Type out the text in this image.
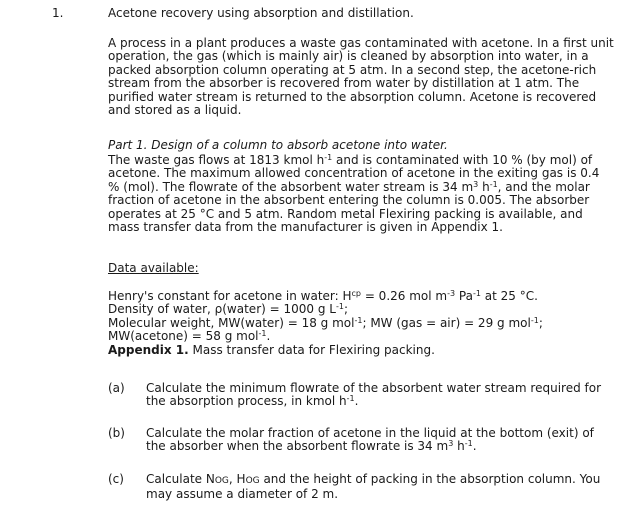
1.	Acetone recovery using absorption and distillation.

A process in a plant produces a waste gas contaminated with acetone. In a first unit operation, the gas (which is mainly air) is cleaned by absorption into water, in a packed absorption column operating at 5 atm. In a second step, the acetone-rich stream from the absorber is recovered from water by distillation at 1 atm. The purified water stream is returned to the absorption column. Acetone is recovered and stored as a liquid.

Part 1. Design of a column to absorb acetone into water.

The waste gas flows at 1813 kmol $h^{-1}$ and is contaminated with 10 % (by mol) of acetone. The maximum allowed concentration of acetone in the exiting gas is 0.4 % (mol). The flowrate of the absorbent water stream is 34 $m^3$ $h^{-1}$, and the molar fraction of acetone in the absorbent entering the column is 0.005. The absorber operates at 25 °C and 5 atm. Random metal Flexiring packing is available, and mass transfer data from the manufacturer is given in Appendix 1.

Data available:

Henry's constant for acetone in water: $H^{cp} = 0.26$ mol $m^{-3}$ $Pa^{-1}$ at 25 °C.
Density of water, ρ(water) = 1000 g $L^{-1}$;
Molecular weight, MW(water) = 18 g mol$^{-1}$; MW (gas = air) = 29 g mol$^{-1}$;
MW(acetone) = 58 g mol$^{-1}$.
Appendix 1. Mass transfer data for Flexiring packing.
(a) Calculate the minimum flowrate of the absorbent water stream required for the absorption process, in kmol $h^{-1}$.
(b) Calculate the molar fraction of acetone in the liquid at the bottom (exit) of the absorber when the absorbent flowrate is 34 $m^3$ $h^{-1}$.
(c) Calculate NOG, HOG and the height of packing in the absorption column. You may assume a diameter of 2 m.
